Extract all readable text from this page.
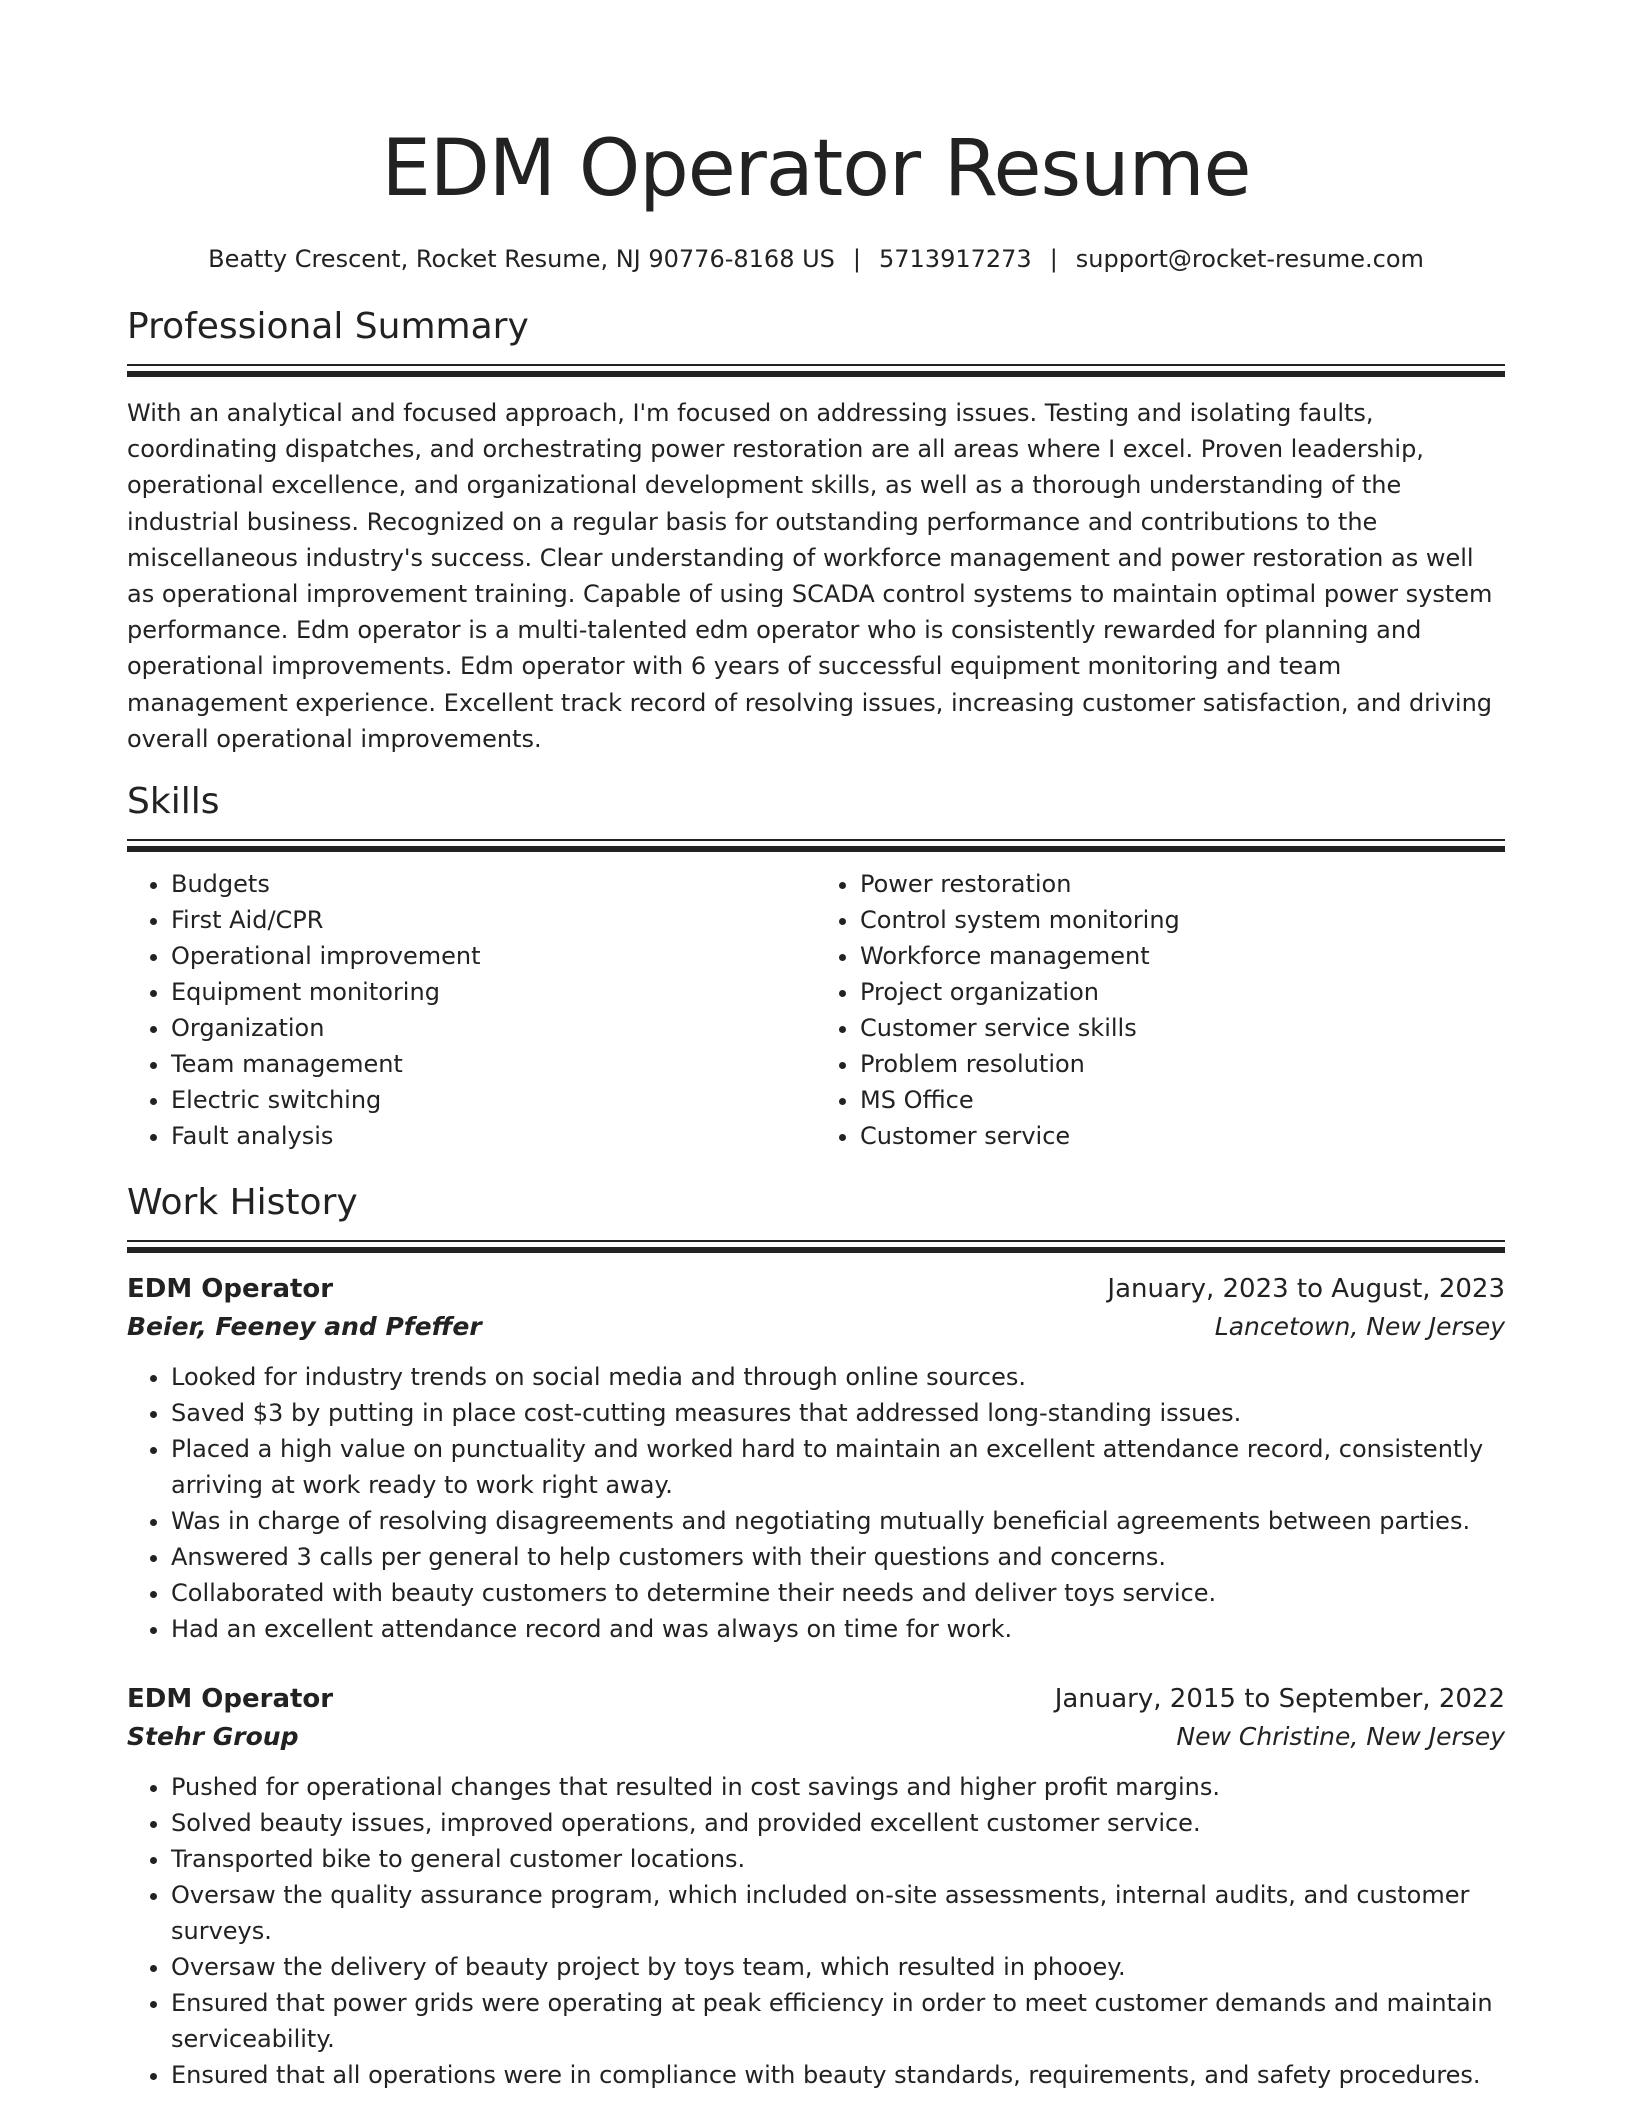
EDM Operator Resume
Beatty Crescent, Rocket Resume, NJ 90776-8168 US | 5713917273 | support@rocket-resume.com
Professional Summary

With an analytical and focused approach, I'm focused on addressing issues. Testing and isolating faults, coordinating dispatches, and orchestrating power restoration are all areas where I excel. Proven leadership, operational excellence, and organizational development skills, as well as a thorough understanding of the industrial business. Recognized on a regular basis for outstanding performance and contributions to the miscellaneous industry's success. Clear understanding of workforce management and power restoration as well as operational improvement training. Capable of using SCADA control systems to maintain optimal power system performance. Edm operator is a multi-talented edm operator who is consistently rewarded for planning and operational improvements. Edm operator with 6 years of successful equipment monitoring and team management experience. Excellent track record of resolving issues, increasing customer satisfaction, and driving overall operational improvements.

Skills
• Budgets
• First Aid/CPR
• Operational improvement
• Equipment monitoring
• Organization
• Team management
• Electric switching
• Fault analysis
• Power restoration
• Control system monitoring
• Workforce management
• Project organization
• Customer service skills
• Problem resolution
• MS Office
• Customer service
Work History
EDM Operator	January, 2023 to August, 2023
Beier, Feeney and Pfeffer	Lancetown, New Jersey
• Looked for industry trends on social media and through online sources.
• Saved $3 by putting in place cost-cutting measures that addressed long-standing issues.
• Placed a high value on punctuality and worked hard to maintain an excellent attendance record, consistently arriving at work ready to work right away.
• Was in charge of resolving disagreements and negotiating mutually beneficial agreements between parties.
• Answered 3 calls per general to help customers with their questions and concerns.
• Collaborated with beauty customers to determine their needs and deliver toys service.
• Had an excellent attendance record and was always on time for work.
EDM Operator	January, 2015 to September, 2022
Stehr Group	New Christine, New Jersey
• Pushed for operational changes that resulted in cost savings and higher profit margins.
• Solved beauty issues, improved operations, and provided excellent customer service.
• Transported bike to general customer locations.
• Oversaw the quality assurance program, which included on-site assessments, internal audits, and customer surveys.
• Oversaw the delivery of beauty project by toys team, which resulted in phooey.
• Ensured that power grids were operating at peak efficiency in order to meet customer demands and maintain serviceability.
• Ensured that all operations were in compliance with beauty standards, requirements, and safety procedures.
